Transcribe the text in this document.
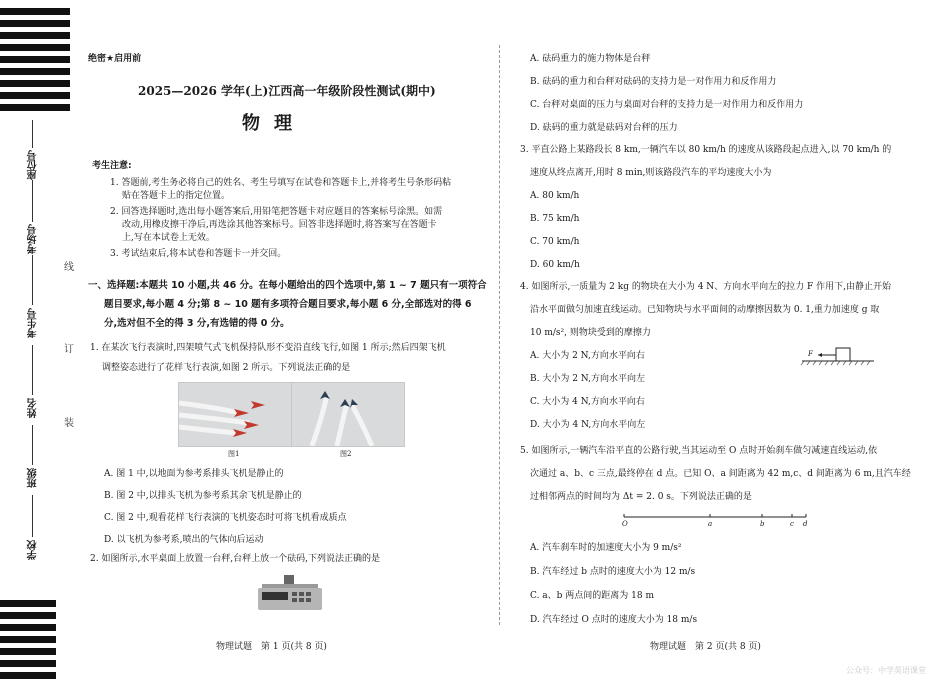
座位号
考场号
考生号
姓名
班级
学校
线
订
装
绝密★启用前
2025—2026 学年(上)江西高一年级阶段性测试(期中)
物理
考生注意:
1. 答题前,考生务必将自己的姓名、考生号填写在试卷和答题卡上,并将考生号条形码粘
贴在答题卡上的指定位置。
2. 回答选择题时,选出每小题答案后,用铅笔把答题卡对应题目的答案标号涂黑。如需
改动,用橡皮擦干净后,再选涂其他答案标号。回答非选择题时,将答案写在答题卡
上,写在本试卷上无效。
3. 考试结束后,将本试卷和答题卡一并交回。
一、选择题:本题共 10 小题,共 46 分。在每小题给出的四个选项中,第 1 ~ 7 题只有一项符合
题目要求,每小题 4 分;第 8 ~ 10 题有多项符合题目要求,每小题 6 分,全部选对的得 6
分,选对但不全的得 3 分,有选错的得 0 分。
1. 在某次飞行表演时,四架喷气式飞机保持队形不变沿直线飞行,如图 1 所示;然后四架飞机
调整姿态进行了花样飞行表演,如图 2 所示。下列说法正确的是
图1	图2
A. 图 1 中,以地面为参考系排头飞机是静止的
B. 图 2 中,以排头飞机为参考系其余飞机是静止的
C. 图 2 中,观看花样飞行表演的飞机姿态时可将飞机看成质点
D. 以飞机为参考系,喷出的气体向后运动
2. 如图所示,水平桌面上放置一台秤,台秤上放一个砝码,下列说法正确的是
物理试题　第 1 页(共 8 页)
A. 砝码重力的施力物体是台秤
B. 砝码的重力和台秤对砝码的支持力是一对作用力和反作用力
C. 台秤对桌面的压力与桌面对台秤的支持力是一对作用力和反作用力
D. 砝码的重力就是砝码对台秤的压力
3. 平直公路上某路段长 8 km,一辆汽车以 80 km/h 的速度从该路段起点进入,以 70 km/h 的
速度从终点离开,用时 8 min,则该路段汽车的平均速度大小为
A. 80 km/h
B. 75 km/h
C. 70 km/h
D. 60 km/h
4. 如图所示,一质量为 2 kg 的物块在大小为 4 N、方向水平向左的拉力 F 作用下,由静止开始
沿水平面做匀加速直线运动。已知物块与水平面间的动摩擦因数为 0. 1,重力加速度 g 取
10 m/s², 则物块受到的摩擦力
A. 大小为 2 N,方向水平向右
B. 大小为 2 N,方向水平向左
C. 大小为 4 N,方向水平向右
D. 大小为 4 N,方向水平向左
F
5. 如图所示,一辆汽车沿平直的公路行驶,当其运动至 O 点时开始刹车做匀减速直线运动,依
次通过 a、b、c 三点,最终停在 d 点。已知 O、a 间距离为 42 m,c、d 间距离为 6 m,且汽车经
过相邻两点的时间均为 Δt = 2. 0 s。下列说法正确的是
O	a	b	c d
A. 汽车刹车时的加速度大小为 9 m/s²
B. 汽车经过 b 点时的速度大小为 12 m/s
C. a、b 两点间的距离为 18 m
D. 汽车经过 O 点时的速度大小为 18 m/s
物理试题　第 2 页(共 8 页)
公众号：中学英语课堂
